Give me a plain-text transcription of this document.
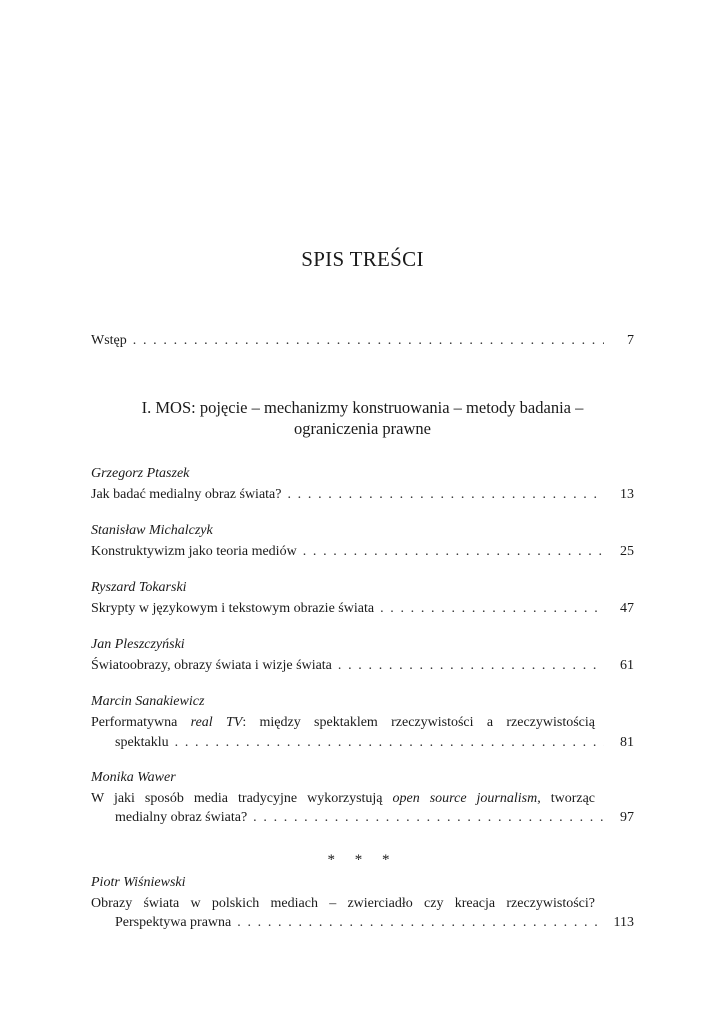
SPIS TREŚCI
Wstęp . . .	7
I. MOS: pojęcie – mechanizmy konstruowania – metody badania –
ograniczenia prawne
Grzegorz Ptaszek
Jak badać medialny obraz świata? . . .	13
Stanisław Michalczyk
Konstruktywizm jako teoria mediów . . .	25
Ryszard Tokarski
Skrypty w językowym i tekstowym obrazie świata . . .	47
Jan Pleszczyński
Światoobrazy, obrazy świata i wizje świata . . .	61
Marcin Sanakiewicz
Performatywna real TV: między spektaklem rzeczywistości a rzeczywistością
spektaklu . . .	81
Monika Wawer
W jaki sposób media tradycyjne wykorzystują open source journalism, tworząc
medialny obraz świata? . . .	97
* * *
Piotr Wiśniewski
Obrazy świata w polskich mediach – zwierciadło czy kreacja rzeczywistości?
Perspektywa prawna . . .	113
